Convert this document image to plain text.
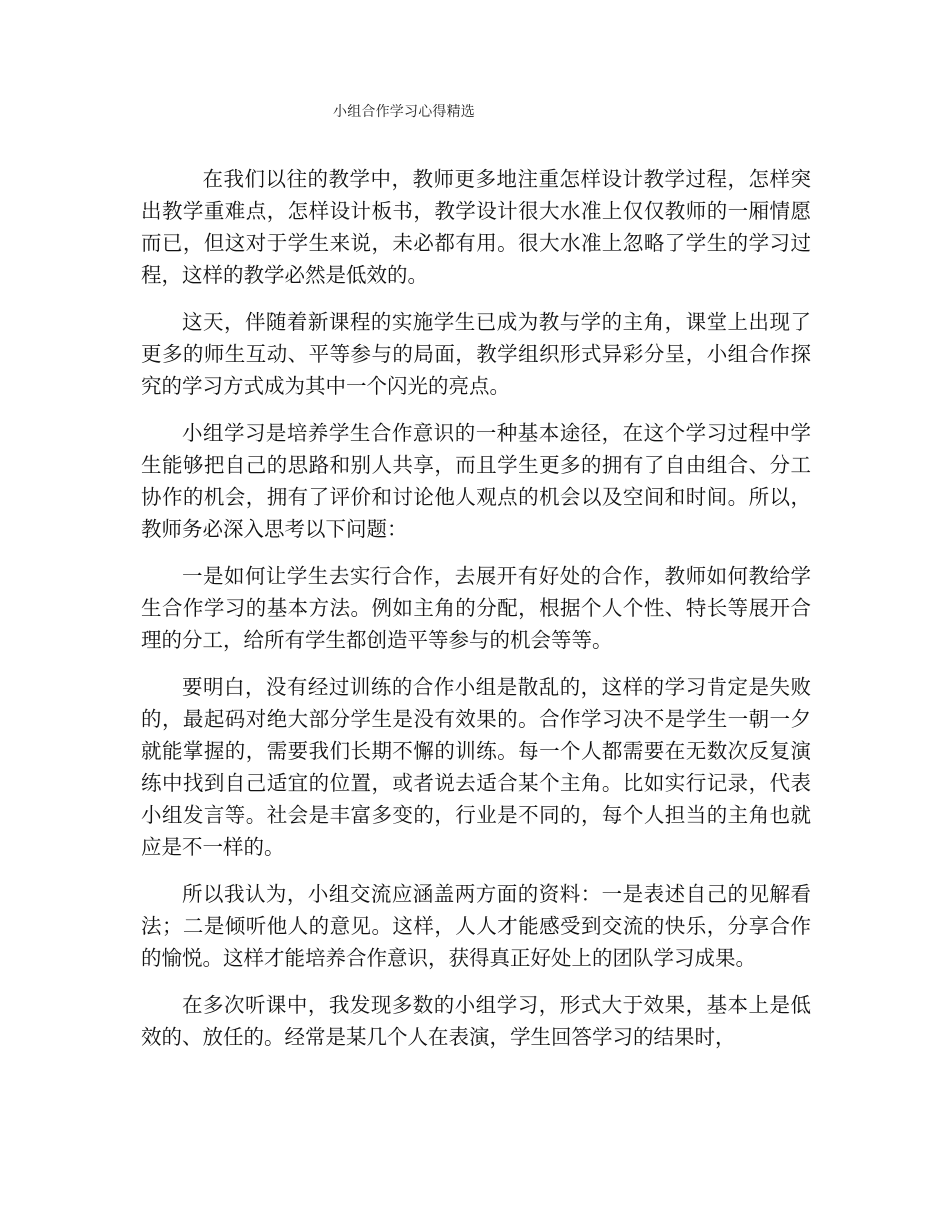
小组合作学习心得精选

在我们以往的教学中，教师更多地注重怎样设计教学过程，怎样突出教学重难点，怎样设计板书，教学设计很大水准上仅仅教师的一厢情愿而已，但这对于学生来说，未必都有用。很大水准上忽略了学生的学习过程，这样的教学必然是低效的。

这天，伴随着新课程的实施学生已成为教与学的主角，课堂上出现了更多的师生互动、平等参与的局面，教学组织形式异彩分呈，小组合作探究的学习方式成为其中一个闪光的亮点。

小组学习是培养学生合作意识的一种基本途径，在这个学习过程中学生能够把自己的思路和别人共享，而且学生更多的拥有了自由组合、分工协作的机会，拥有了评价和讨论他人观点的机会以及空间和时间。所以，教师务必深入思考以下问题：

一是如何让学生去实行合作，去展开有好处的合作，教师如何教给学生合作学习的基本方法。例如主角的分配，根据个人个性、特长等展开合理的分工，给所有学生都创造平等参与的机会等等。

要明白，没有经过训练的合作小组是散乱的，这样的学习肯定是失败的，最起码对绝大部分学生是没有效果的。合作学习决不是学生一朝一夕就能掌握的，需要我们长期不懈的训练。每一个人都需要在无数次反复演练中找到自己适宜的位置，或者说去适合某个主角。比如实行记录，代表小组发言等。社会是丰富多变的，行业是不同的，每个人担当的主角也就应是不一样的。

所以我认为，小组交流应涵盖两方面的资料：一是表述自己的见解看法；二是倾听他人的意见。这样，人人才能感受到交流的快乐，分享合作的愉悦。这样才能培养合作意识，获得真正好处上的团队学习成果。

在多次听课中，我发现多数的小组学习，形式大于效果，基本上是低效的、放任的。经常是某几个人在表演，学生回答学习的结果时，
